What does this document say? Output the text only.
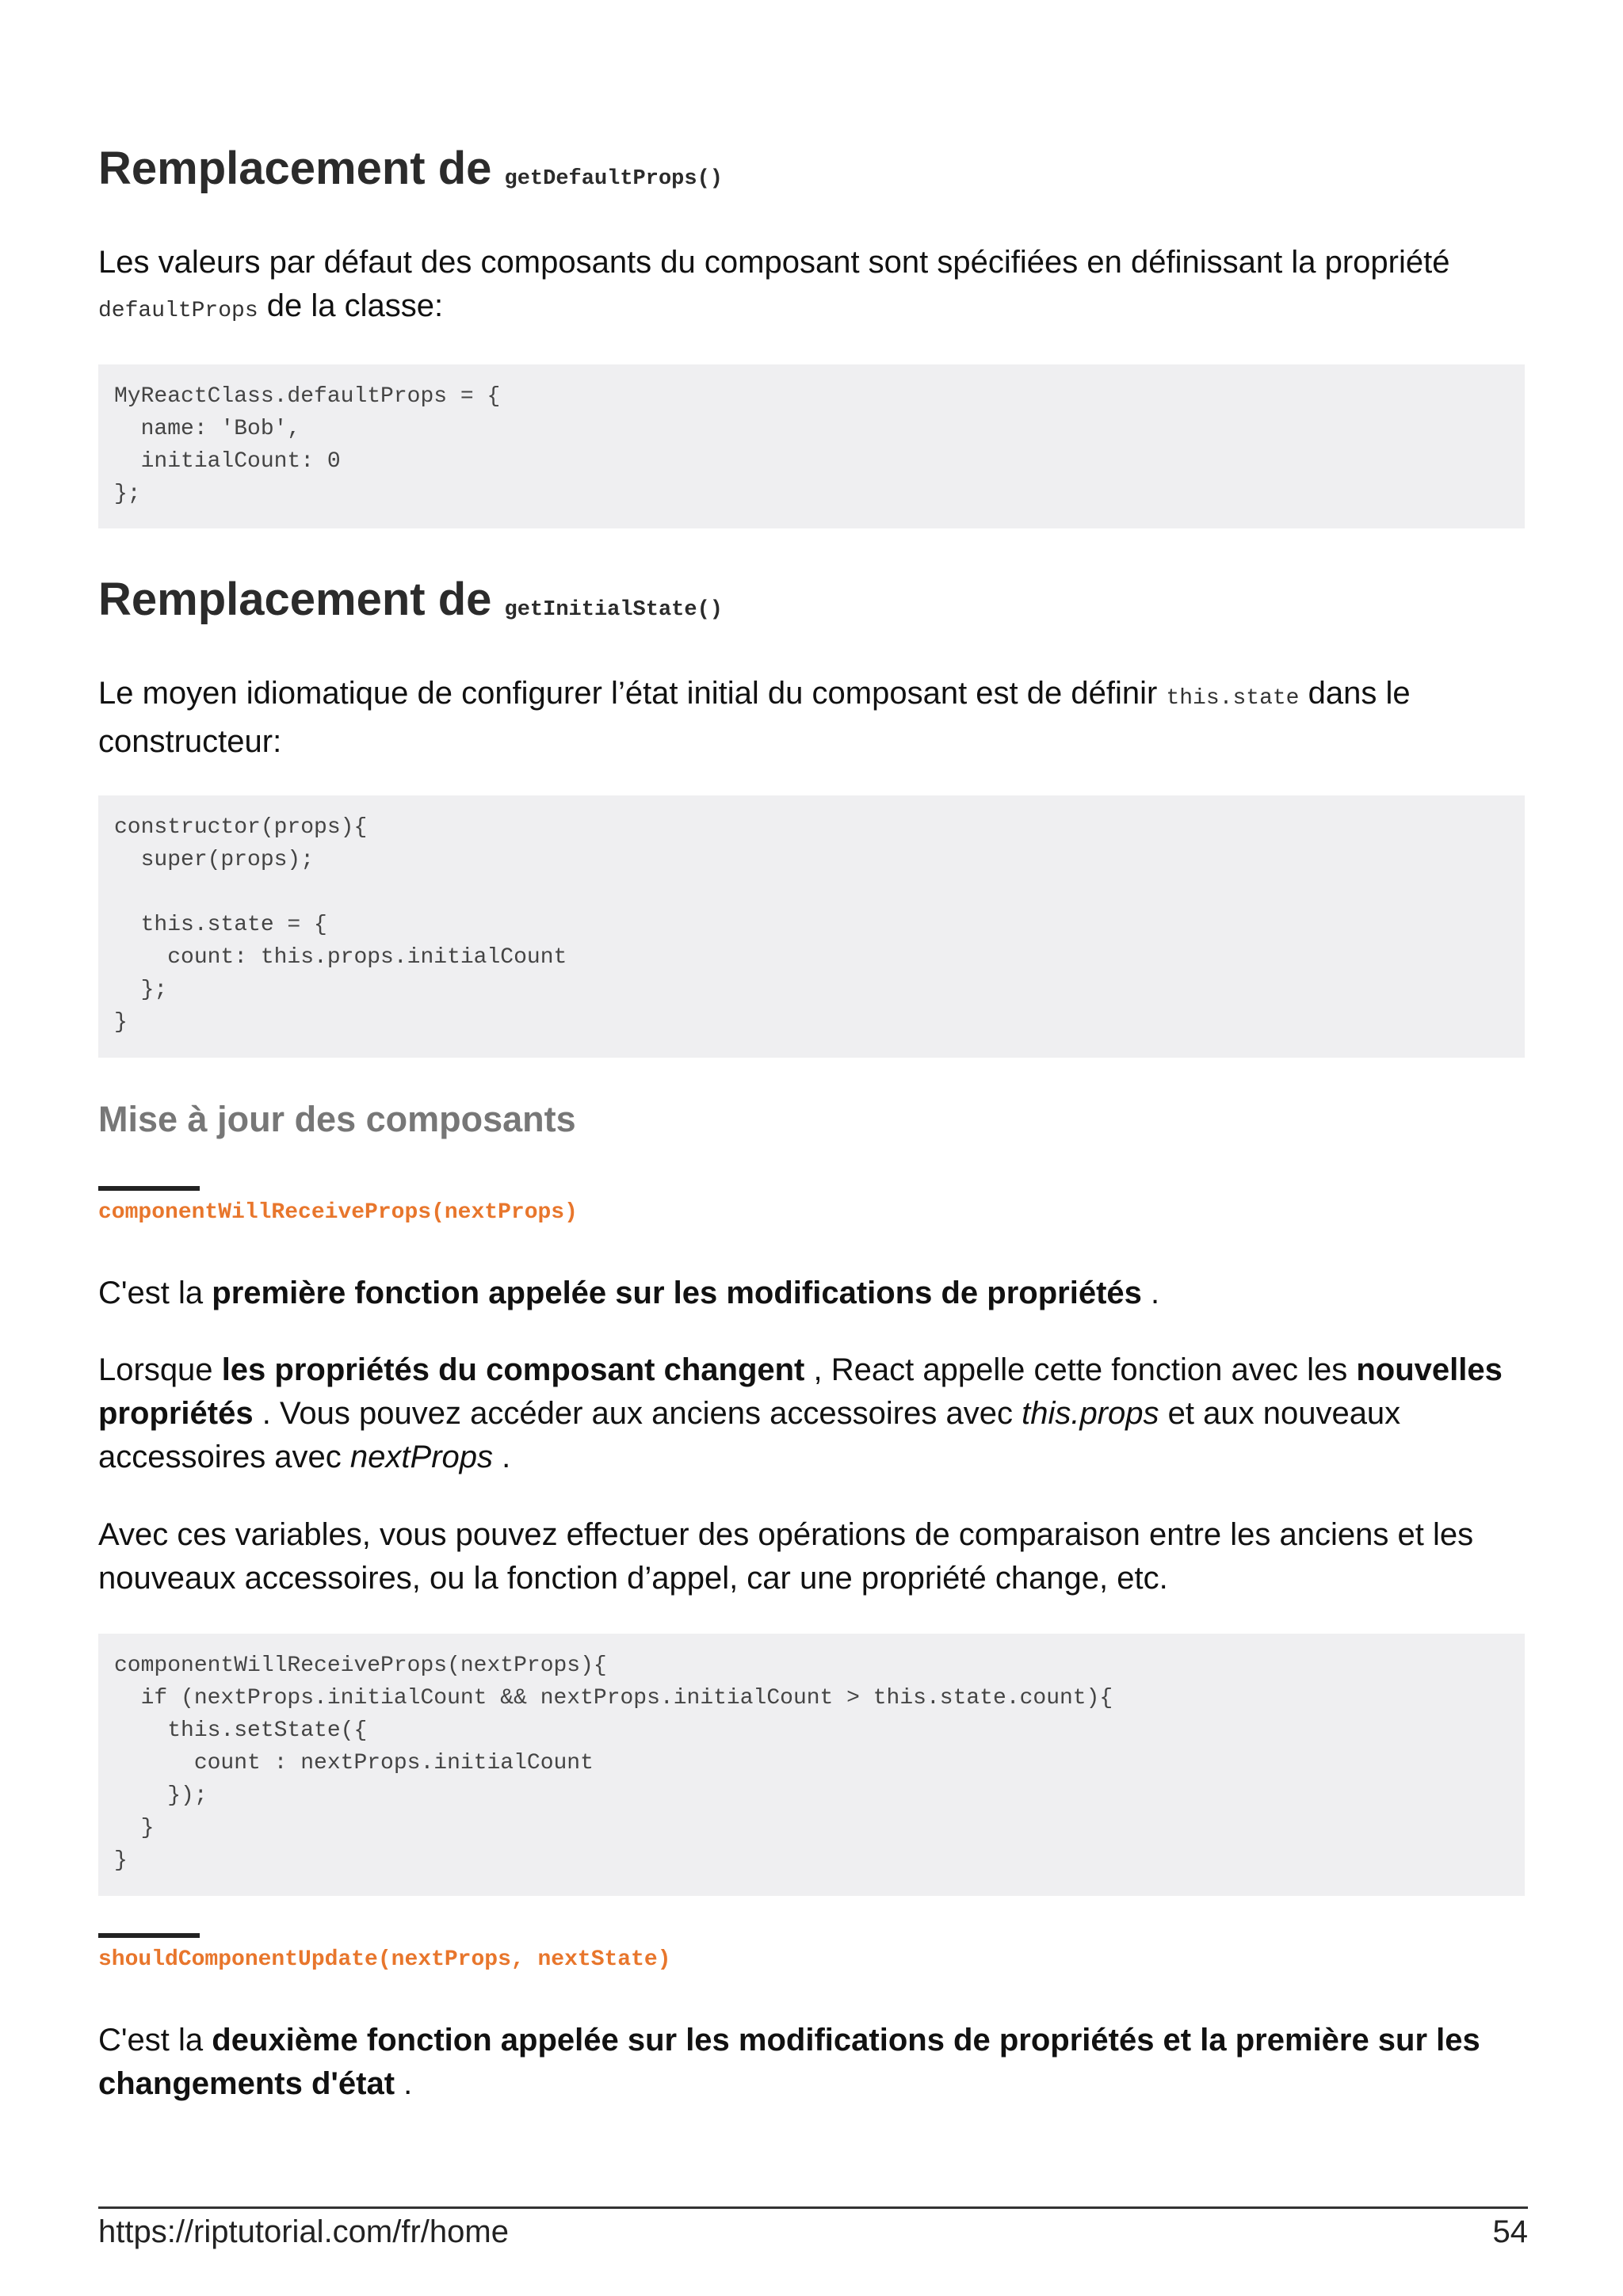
Remplacement de getDefaultProps()

Les valeurs par défaut des composants du composant sont spécifiées en définissant la propriété
defaultProps de la classe:

MyReactClass.defaultProps = {
name: 'Bob',
initialCount: 0
};
Remplacement de getInitialState()

Le moyen idiomatique de configurer l’état initial du composant est de définir this.state dans le constructeur:

constructor(props){
super(props);

this.state = {
count: this.props.initialCount
};
}
Mise à jour des composants
componentWillReceiveProps(nextProps)

C'est la première fonction appelée sur les modifications de propriétés .

Lorsque les propriétés du composant changent , React appelle cette fonction avec les nouvelles propriétés . Vous pouvez accéder aux anciens accessoires avec this.props et aux nouveaux accessoires avec nextProps .

Avec ces variables, vous pouvez effectuer des opérations de comparaison entre les anciens et les nouveaux accessoires, ou la fonction d’appel, car une propriété change, etc.

componentWillReceiveProps(nextProps){
if (nextProps.initialCount && nextProps.initialCount > this.state.count){
this.setState({
count : nextProps.initialCount
});
}
}
shouldComponentUpdate(nextProps, nextState)

C'est la deuxième fonction appelée sur les modifications de propriétés et la première sur les changements d'état .

https://riptutorial.com/fr/home	54
